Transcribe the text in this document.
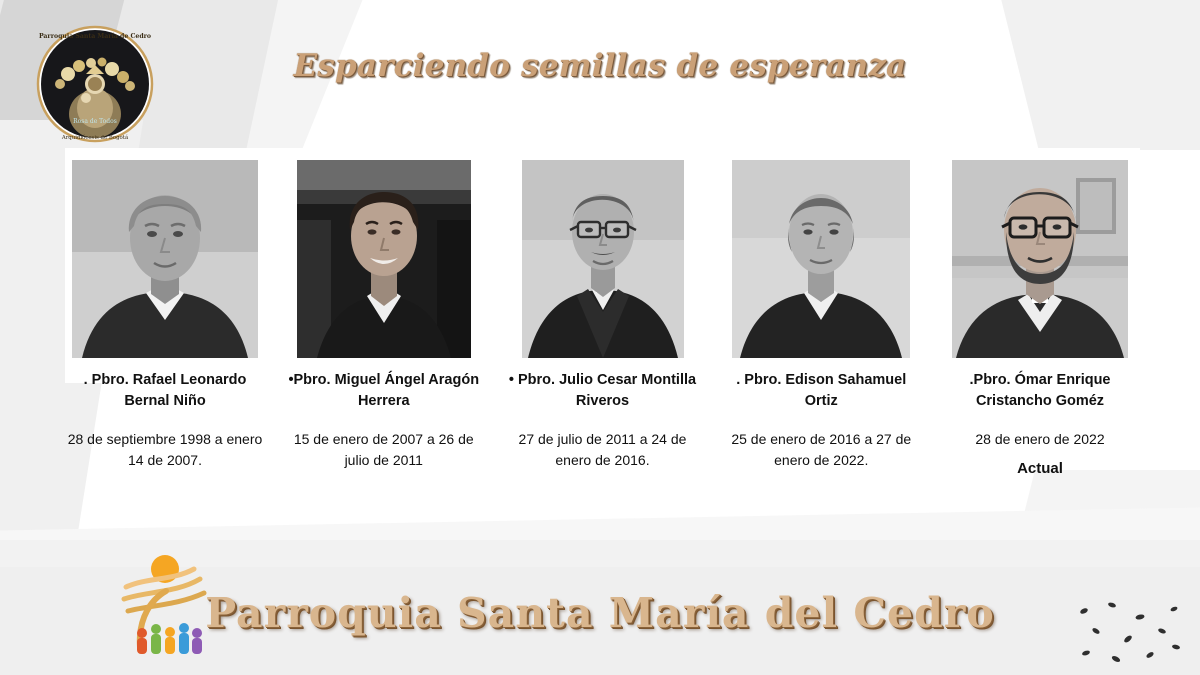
Parroquia Santa María de Cedro
Rosa de Todos
Arquidiócesis de Bogotá
Esparciendo semillas de esperanza
. Pbro. Rafael Leonardo Bernal Niño
28 de septiembre 1998 a enero 14 de 2007.
•Pbro. Miguel Ángel Aragón Herrera
15 de enero de 2007 a 26 de julio de 2011
• Pbro. Julio Cesar Montilla Riveros
27 de julio de 2011 a 24 de enero de 2016.
. Pbro. Edison Sahamuel Ortiz
25 de enero de 2016 a 27 de enero de 2022.
.Pbro. Ómar Enrique Cristancho Goméz
28 de enero de 2022
Actual
Parroquia Santa María del Cedro
